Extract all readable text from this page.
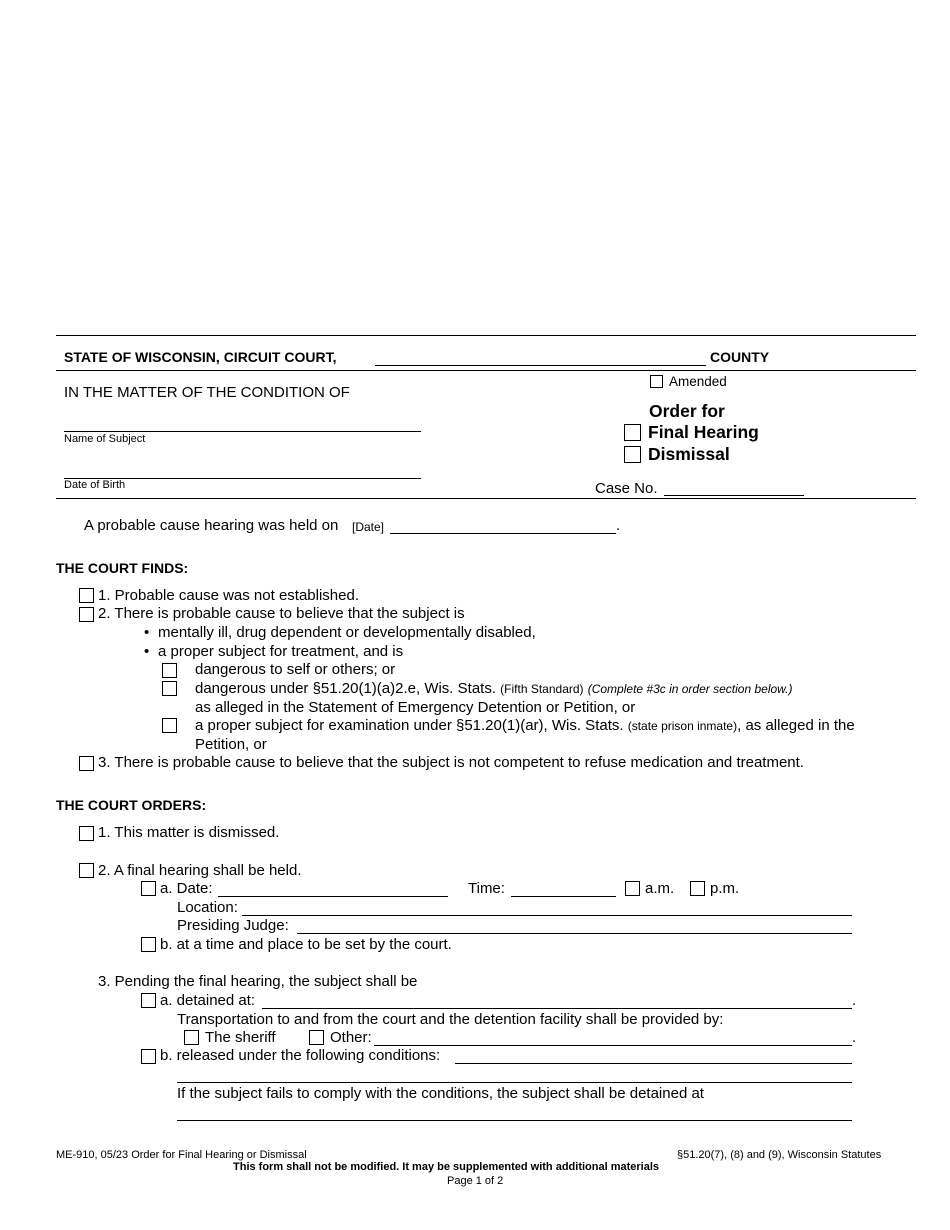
STATE OF WISCONSIN, CIRCUIT COURT,	COUNTY
IN THE MATTER OF THE CONDITION OF
Name of Subject
Date of Birth
Amended
Order for
Final Hearing
Dismissal
Case No.
A probable cause hearing was held on [Date]	.
THE COURT FINDS:
1. Probable cause was not established.
2. There is probable cause to believe that the subject is
• mentally ill, drug dependent or developmentally disabled,
• a proper subject for treatment, and is
dangerous to self or others; or
dangerous under §51.20(1)(a)2.e, Wis. Stats. (Fifth Standard) (Complete #3c in order section below.)
as alleged in the Statement of Emergency Detention or Petition, or
a proper subject for examination under §51.20(1)(ar), Wis. Stats. (state prison inmate), as alleged in the
Petition, or
3. There is probable cause to believe that the subject is not competent to refuse medication and treatment.
THE COURT ORDERS:
1. This matter is dismissed.
2. A final hearing shall be held.
a. Date:	Time:	a.m. p.m.
Location:
Presiding Judge:
b. at a time and place to be set by the court.
3. Pending the final hearing, the subject shall be
a. detained at:	.
Transportation to and from the court and the detention facility shall be provided by:
The sheriff	Other:	.
b. released under the following conditions:
If the subject fails to comply with the conditions, the subject shall be detained at
ME-910, 05/23 Order for Final Hearing or Dismissal	§51.20(7), (8) and (9), Wisconsin Statutes
This form shall not be modified. It may be supplemented with additional materials
Page 1 of 2
